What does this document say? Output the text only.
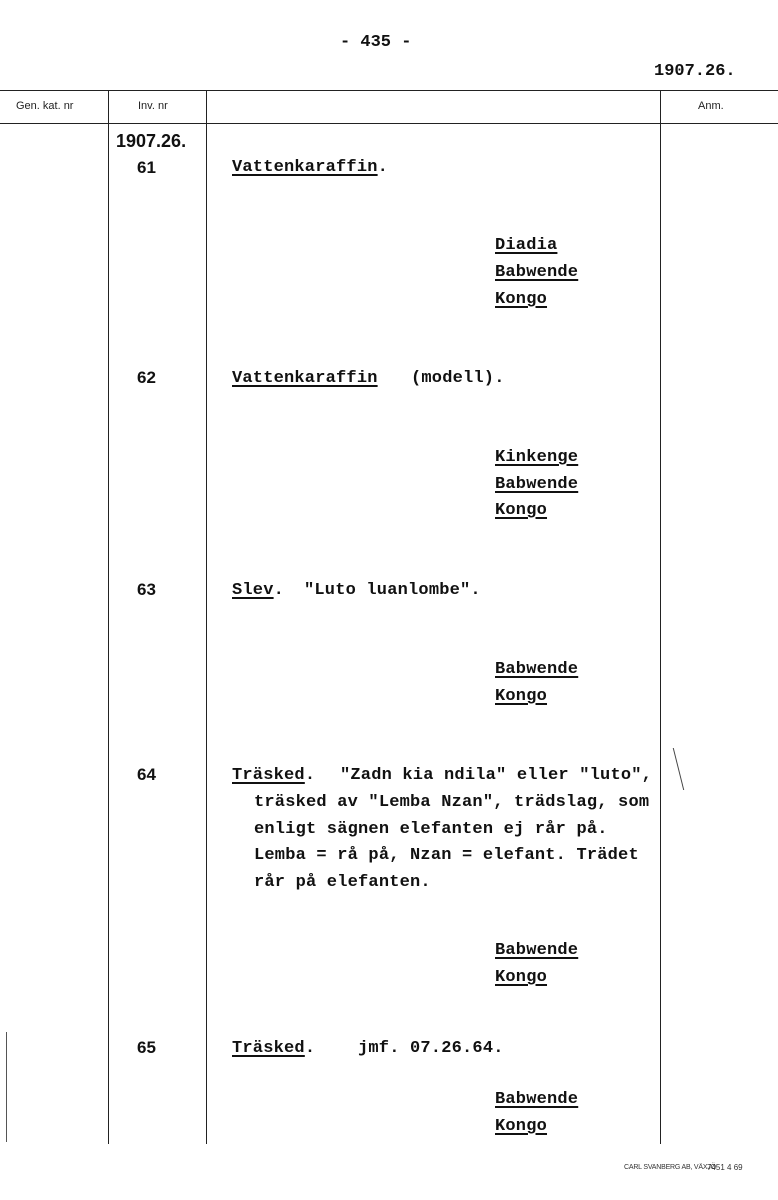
- 435 -
1907.26.
Gen. kat. nr	Inv. nr	Anm.
1907.26.
61	Vattenkaraffin.
Diadia
Babwende
Kongo
62	Vattenkaraffin (modell).
Kinkenge
Babwende
Kongo
63	Slev. "Luto luanlombe".
Babwende
Kongo
64	Träsked. "Zadn kia ndila" eller "luto",
träsked av "Lemba Nzan", trädslag, som
enligt sägnen elefanten ej rår på.
Lemba = rå på, Nzan = elefant. Trädet
rår på elefanten.
Babwende
Kongo
65	Träsked.	jmf. 07.26.64.
Babwende
Kongo
CARL SVANBERG AB, VÄXJÖ
7451 4 69
